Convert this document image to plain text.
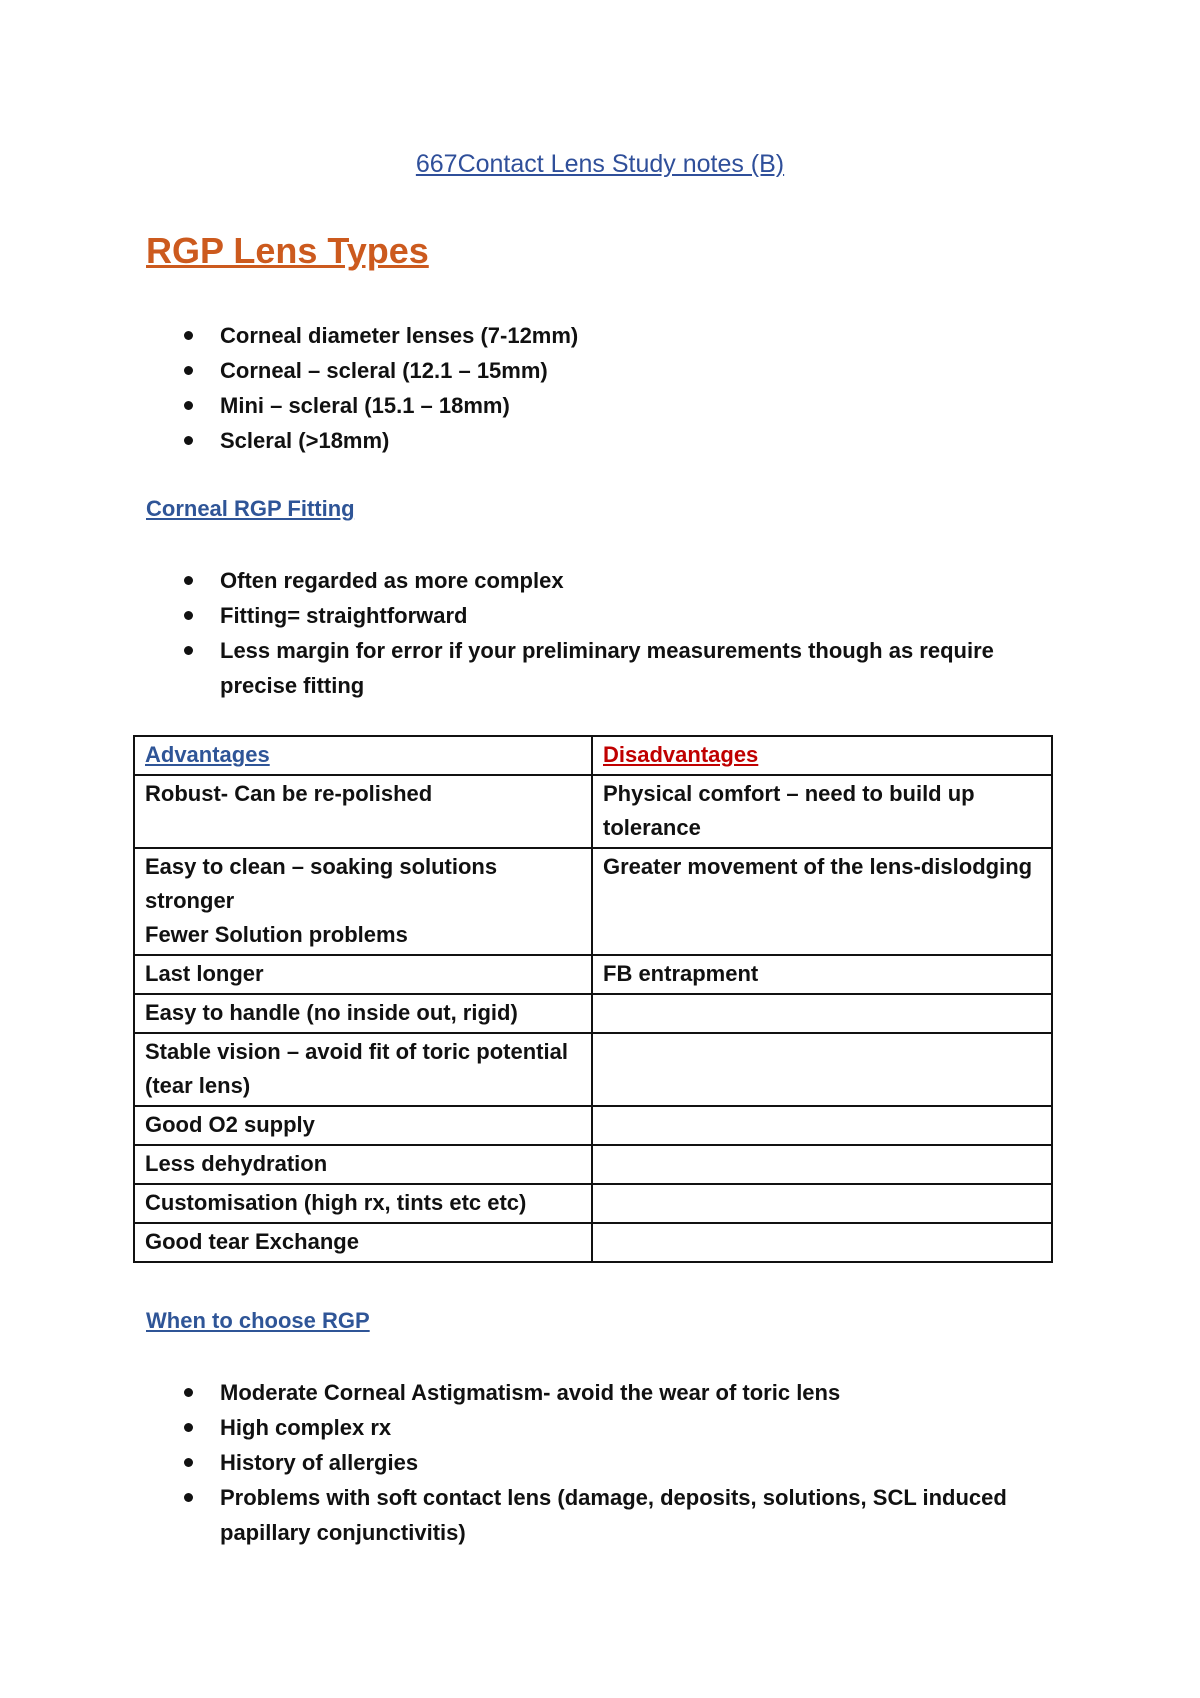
667Contact Lens Study notes (B)
RGP Lens Types
Corneal diameter lenses (7-12mm)
Corneal – scleral (12.1 – 15mm)
Mini – scleral (15.1 – 18mm)
Scleral (>18mm)
Corneal RGP Fitting
Often regarded as more complex
Fitting= straightforward
Less margin for error if your preliminary measurements though as require precise fitting
Advantages	Disadvantages

Robust- Can be re-polished	Physical comfort – need to build up tolerance

Easy to clean – soaking solutions stronger
Fewer Solution problems	Greater movement of the lens-dislodging

Last longer	FB entrapment

Easy to handle (no inside out, rigid)	

Stable vision – avoid fit of toric potential (tear lens)	

Good O2 supply	

Less dehydration	

Customisation (high rx, tints etc etc)	

Good tear Exchange	

When to choose RGP
Moderate Corneal Astigmatism- avoid the wear of toric lens
High complex rx
History of allergies
Problems with soft contact lens (damage, deposits, solutions, SCL induced papillary conjunctivitis)
